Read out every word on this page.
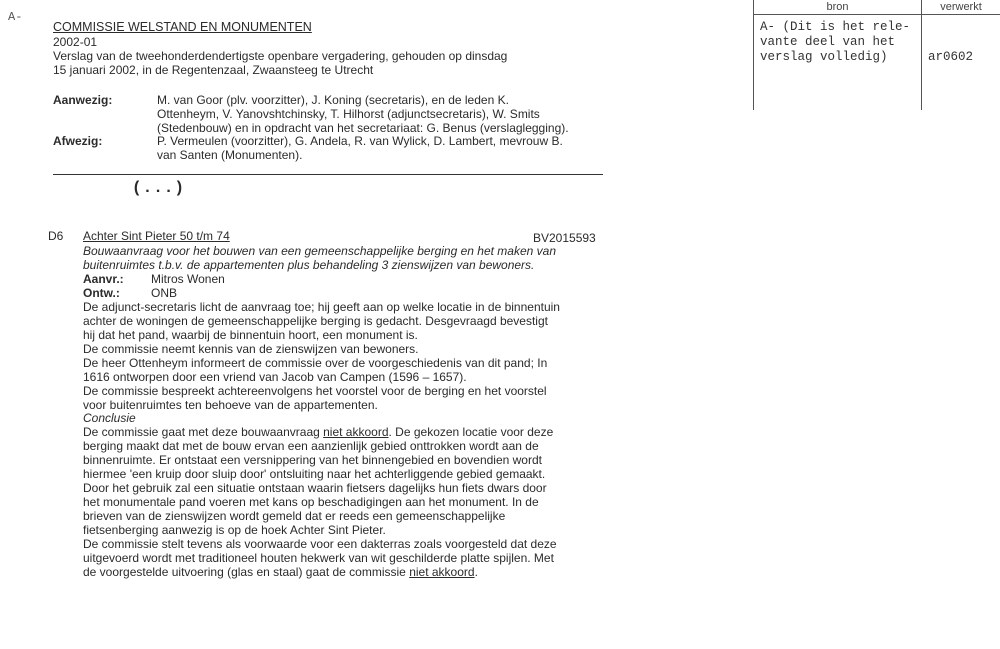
A-
COMMISSIE WELSTAND EN MONUMENTEN
2002-01
Verslag van de tweehonderdendertigste openbare vergadering, gehouden op dinsdag
15 januari 2002, in de Regentenzaal, Zwaansteeg te Utrecht
Aanwezig:	M. van Goor (plv. voorzitter), J. Koning (secretaris), en de leden K.
Ottenheym, V. Yanovshtchinsky, T. Hilhorst (adjunctsecretaris), W. Smits
(Stedenbouw) en in opdracht van het secretariaat: G. Benus (verslaglegging).
Afwezig:	P. Vermeulen (voorzitter), G. Andela, R. van Wylick, D. Lambert, mevrouw B.
van Santen (Monumenten).
(...)
bron	verwerkt
A- (Dit is het rele-
vante deel van het
verslag volledig)	ar0602
D6 Achter Sint Pieter 50 t/m 74	BV2015593
Bouwaanvraag voor het bouwen van een gemeenschappelijke berging en het maken van
buitenruimtes t.b.v. de appartementen plus behandeling 3 zienswijzen van bewoners.
Aanvr.: Mitros Wonen
Ontw.:	ONB
De adjunct-secretaris licht de aanvraag toe; hij geeft aan op welke locatie in de binnentuin
achter de woningen de gemeenschappelijke berging is gedacht. Desgevraagd bevestigt
hij dat het pand, waarbij de binnentuin hoort, een monument is.
De commissie neemt kennis van de zienswijzen van bewoners.
De heer Ottenheym informeert de commissie over de voorgeschiedenis van dit pand; In
1616 ontworpen door een vriend van Jacob van Campen (1596 – 1657).
De commissie bespreekt achtereenvolgens het voorstel voor de berging en het voorstel
voor buitenruimtes ten behoeve van de appartementen.
Conclusie
De commissie gaat met deze bouwaanvraag niet akkoord. De gekozen locatie voor deze
berging maakt dat met de bouw ervan een aanzienlijk gebied onttrokken wordt aan de
binnenruimte. Er ontstaat een versnippering van het binnengebied en bovendien wordt
hiermee 'een kruip door sluip door' ontsluiting naar het achterliggende gebied gemaakt.
Door het gebruik zal een situatie ontstaan waarin fietsers dagelijks hun fiets dwars door
het monumentale pand voeren met kans op beschadigingen aan het monument. In de
brieven van de zienswijzen wordt gemeld dat er reeds een gemeenschappelijke
fietsenberging aanwezig is op de hoek Achter Sint Pieter.
De commissie stelt tevens als voorwaarde voor een dakterras zoals voorgesteld dat deze
uitgevoerd wordt met traditioneel houten hekwerk van wit geschilderde platte spijlen. Met
de voorgestelde uitvoering (glas en staal) gaat de commissie niet akkoord.
